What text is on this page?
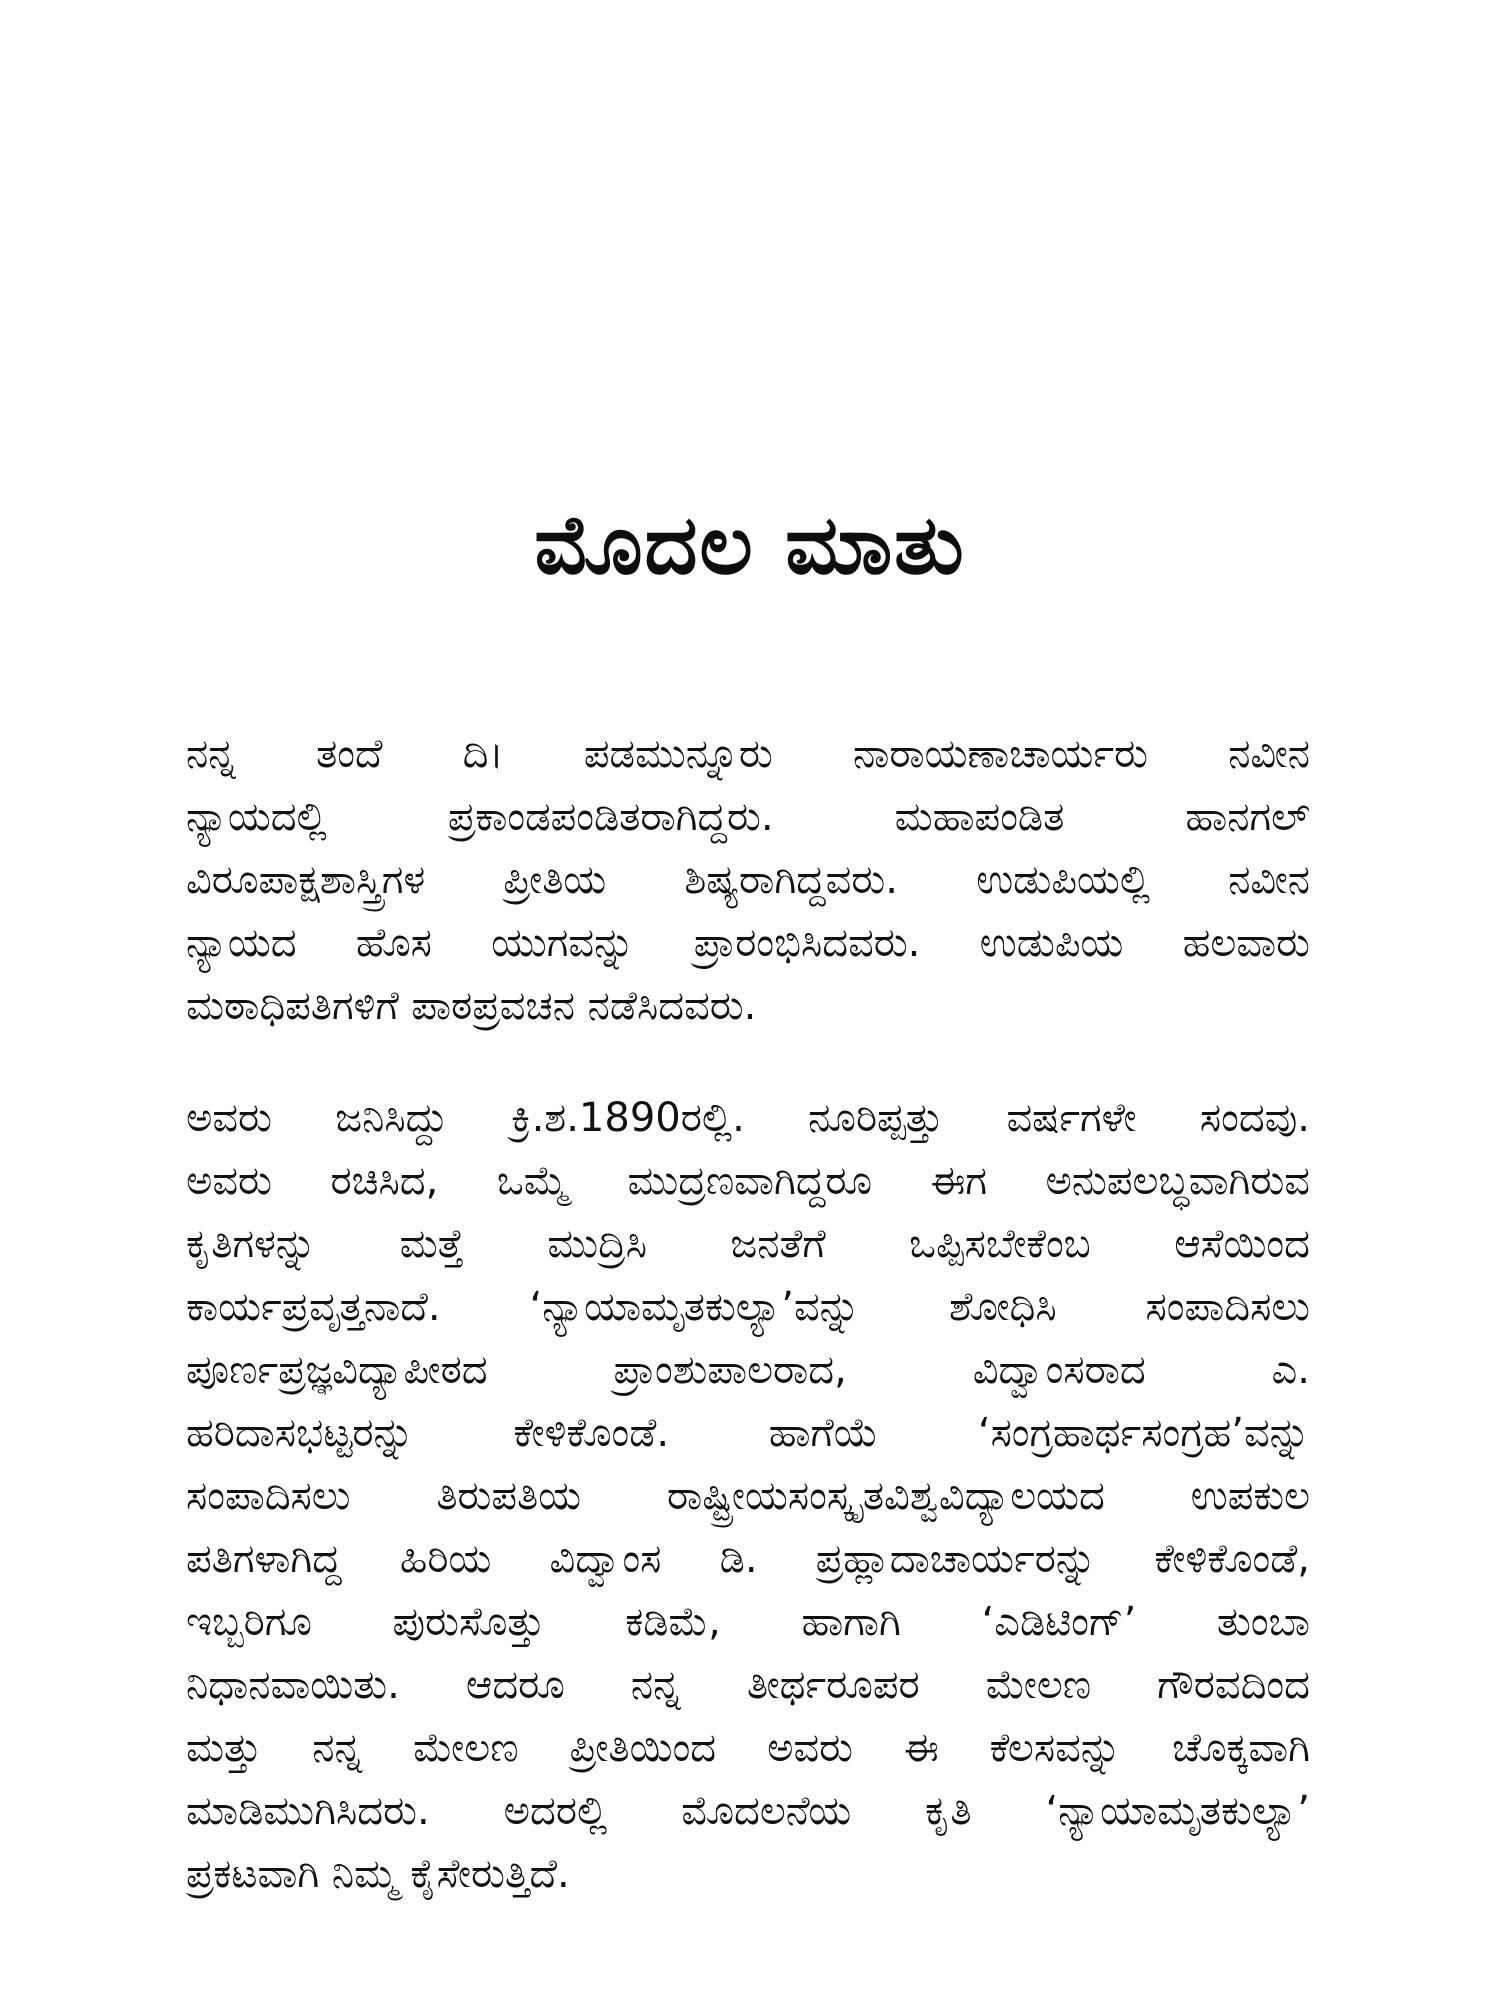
ಮೊದಲ ಮಾತು
ನನ್ನ ತಂದೆ ದಿ। ಪಡಮುನ್ನೂರು ನಾರಾಯಣಾಚಾರ್ಯರು ನವೀನ
ನ್ಯಾಯದಲ್ಲಿ ಪ್ರಕಾಂಡಪಂಡಿತರಾಗಿದ್ದರು. ಮಹಾಪಂಡಿತ ಹಾನಗಲ್
ವಿರೂಪಾಕ್ಷಶಾಸ್ತ್ರಿಗಳ ಪ್ರೀತಿಯ ಶಿಷ್ಯರಾಗಿದ್ದವರು. ಉಡುಪಿಯಲ್ಲಿ ನವೀನ
ನ್ಯಾಯದ ಹೊಸ ಯುಗವನ್ನು ಪ್ರಾರಂಭಿಸಿದವರು. ಉಡುಪಿಯ ಹಲವಾರು
ಮಠಾಧಿಪತಿಗಳಿಗೆ ಪಾಠಪ್ರವಚನ ನಡೆಸಿದವರು.
ಅವರು ಜನಿಸಿದ್ದು ಕ್ರಿ.ಶ.1890ರಲ್ಲಿ. ನೂರಿಪ್ಪತ್ತು ವರ್ಷಗಳೇ ಸಂದವು.
ಅವರು ರಚಿಸಿದ, ಒಮ್ಮೆ ಮುದ್ರಣವಾಗಿದ್ದರೂ ಈಗ ಅನುಪಲಬ್ಧವಾಗಿರುವ
ಕೃತಿಗಳನ್ನು ಮತ್ತೆ ಮುದ್ರಿಸಿ ಜನತೆಗೆ ಒಪ್ಪಿಸಬೇಕೆಂಬ ಆಸೆಯಿಂದ
ಕಾರ್ಯಪ್ರವೃತ್ತನಾದೆ. ‘ನ್ಯಾಯಾಮೃತಕುಲ್ಯಾ’ವನ್ನು ಶೋಧಿಸಿ ಸಂಪಾದಿಸಲು
ಪೂರ್ಣಪ್ರಜ್ಞವಿದ್ಯಾಪೀಠದ ಪ್ರಾಂಶುಪಾಲರಾದ, ವಿದ್ವಾಂಸರಾದ ಎ.
ಹರಿದಾಸಭಟ್ಟರನ್ನು ಕೇಳಿಕೊಂಡೆ. ಹಾಗೆಯೆ ‘ಸಂಗ್ರಹಾರ್ಥಸಂಗ್ರಹ’ವನ್ನು
ಸಂಪಾದಿಸಲು ತಿರುಪತಿಯ ರಾಷ್ಟ್ರೀಯಸಂಸ್ಕೃತವಿಶ್ವವಿದ್ಯಾಲಯದ ಉಪಕುಲ
ಪತಿಗಳಾಗಿದ್ದ ಹಿರಿಯ ವಿದ್ವಾಂಸ ಡಿ. ಪ್ರಹ್ಲಾದಾಚಾರ್ಯರನ್ನು ಕೇಳಿಕೊಂಡೆ,
ಇಬ್ಬರಿಗೂ ಪುರುಸೊತ್ತು ಕಡಿಮೆ, ಹಾಗಾಗಿ ‘ಎಡಿಟಿಂಗ್’ ತುಂಬಾ
ನಿಧಾನವಾಯಿತು. ಆದರೂ ನನ್ನ ತೀರ್ಥರೂಪರ ಮೇಲಣ ಗೌರವದಿಂದ
ಮತ್ತು ನನ್ನ ಮೇಲಣ ಪ್ರೀತಿಯಿಂದ ಅವರು ಈ ಕೆಲಸವನ್ನು ಚೊಕ್ಕವಾಗಿ
ಮಾಡಿಮುಗಿಸಿದರು. ಅದರಲ್ಲಿ ಮೊದಲನೆಯ ಕೃತಿ ‘ನ್ಯಾಯಾಮೃತಕುಲ್ಯಾ’
ಪ್ರಕಟವಾಗಿ ನಿಮ್ಮ ಕೈಸೇರುತ್ತಿದೆ.
